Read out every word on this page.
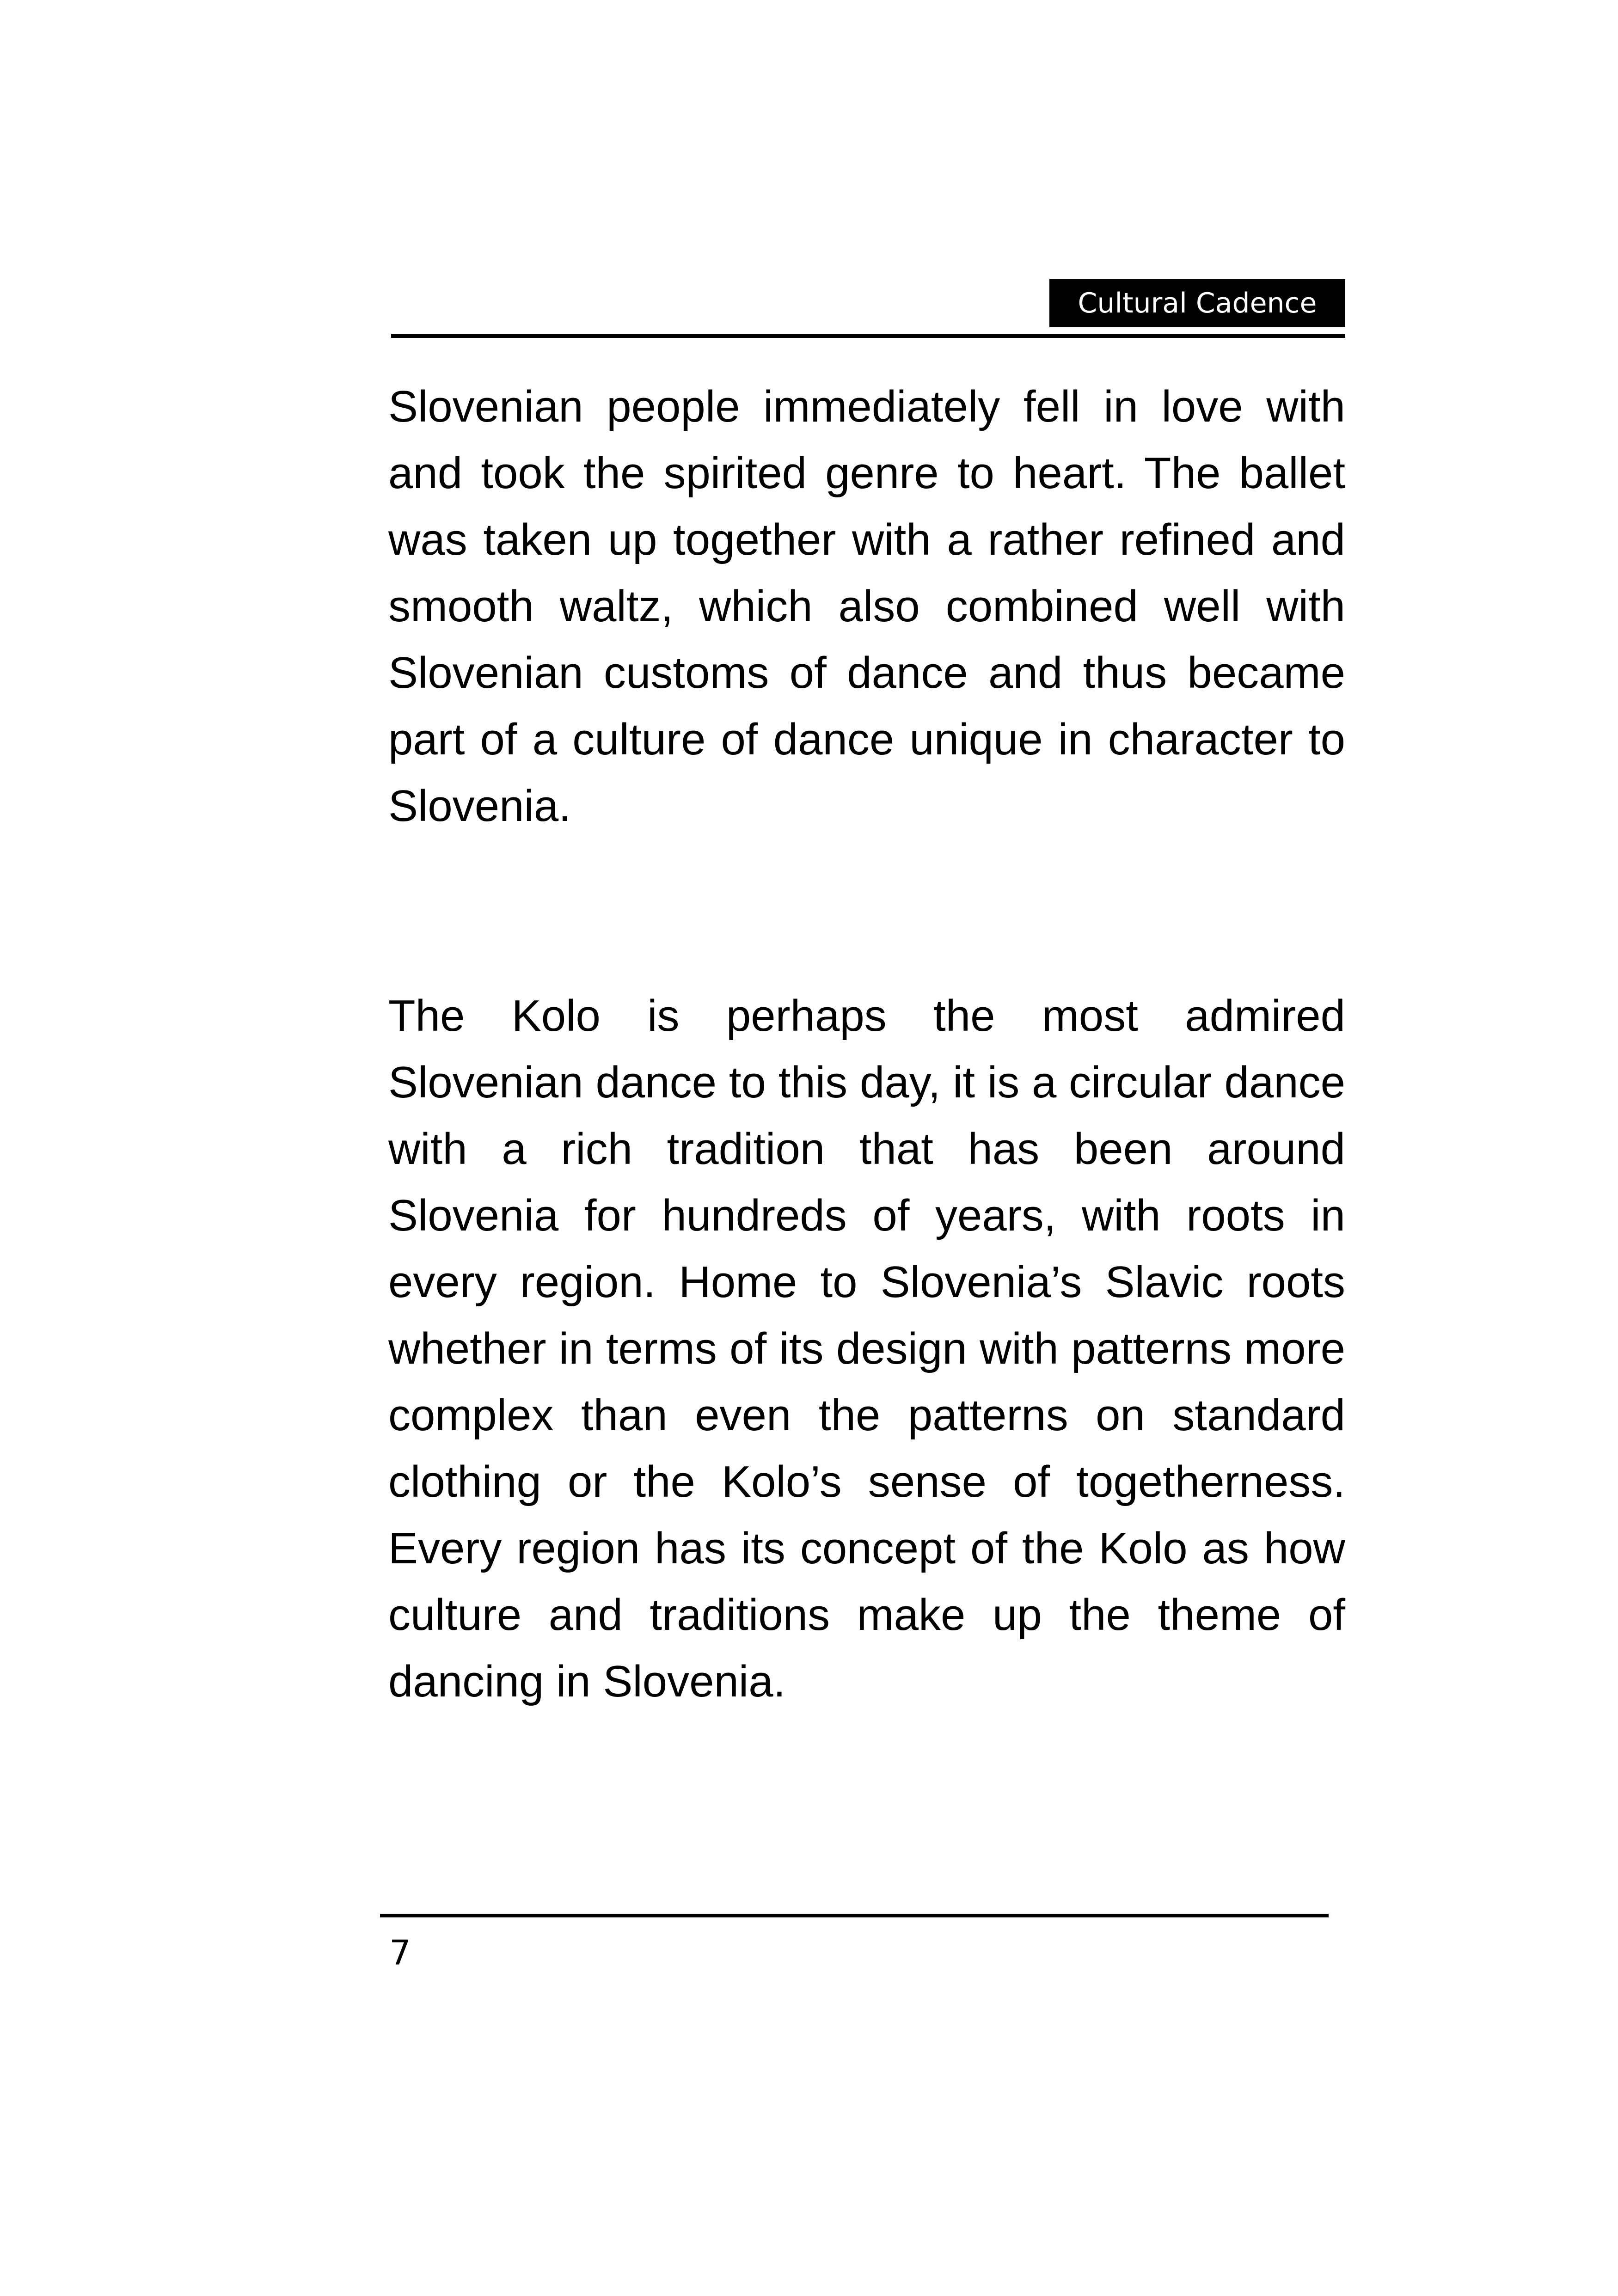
Cultural Cadence

Slovenian people immediately fell in love with and took the spirited genre to heart. The ballet was taken up together with a rather refined and smooth waltz, which also combined well with Slovenian customs of dance and thus became part of a culture of dance unique in character to Slovenia.

The Kolo is perhaps the most admired Slovenian dance to this day, it is a circular dance with a rich tradition that has been around Slovenia for hundreds of years, with roots in every region. Home to Slovenia’s Slavic roots whether in terms of its design with patterns more complex than even the patterns on standard clothing or the Kolo’s sense of togetherness. Every region has its concept of the Kolo as how culture and traditions make up the theme of dancing in Slovenia.

7
